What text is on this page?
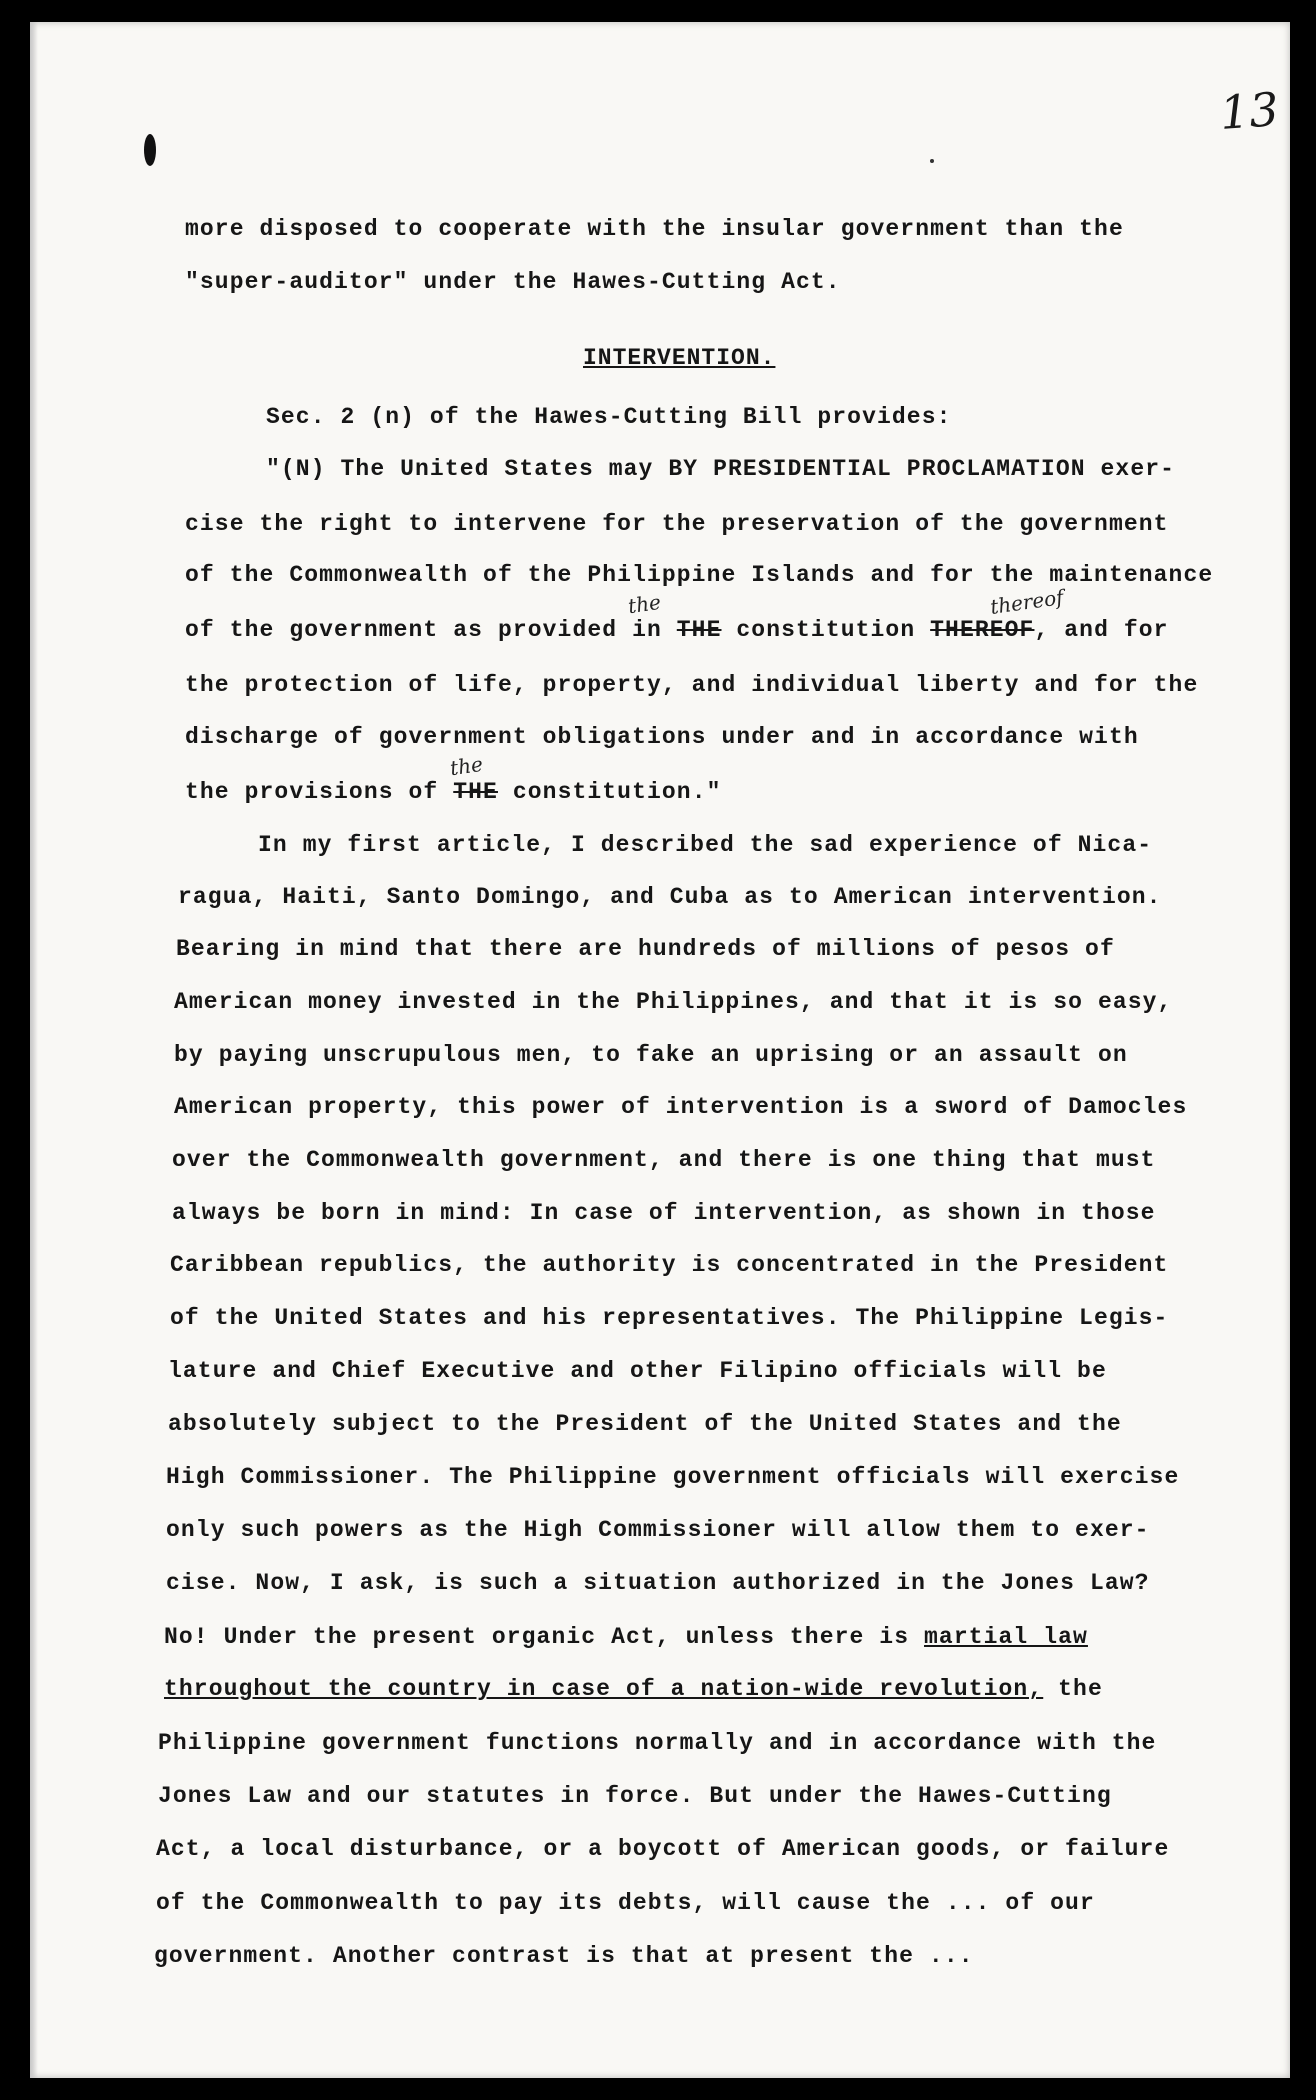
13
INTERVENTION.
more disposed to cooperate with the insular government than the
"super-auditor" under the Hawes-Cutting Act.
Sec. 2 (n) of the Hawes-Cutting Bill provides:
"(N) The United States may BY PRESIDENTIAL PROCLAMATION exer-
cise the right to intervene for the preservation of the government
of the Commonwealth of the Philippine Islands and for the maintenance
of the government as provided in THE constitution THEREOF, and for
the	thereof
the protection of life, property, and individual liberty and for the
discharge of government obligations under and in accordance with
the provisions of THE constitution."
the
In my first article, I described the sad experience of Nica-
ragua, Haiti, Santo Domingo, and Cuba as to American intervention.
Bearing in mind that there are hundreds of millions of pesos of
American money invested in the Philippines, and that it is so easy,
by paying unscrupulous men, to fake an uprising or an assault on
American property, this power of intervention is a sword of Damocles
over the Commonwealth government, and there is one thing that must
always be born in mind: In case of intervention, as shown in those
Caribbean republics, the authority is concentrated in the President
of the United States and his representatives. The Philippine Legis-
lature and Chief Executive and other Filipino officials will be
absolutely subject to the President of the United States and the
High Commissioner. The Philippine government officials will exercise
only such powers as the High Commissioner will allow them to exer-
cise. Now, I ask, is such a situation authorized in the Jones Law?
No! Under the present organic Act, unless there is martial law
throughout the country in case of a nation-wide revolution, the
Philippine government functions normally and in accordance with the
Jones Law and our statutes in force. But under the Hawes-Cutting
Act, a local disturbance, or a boycott of American goods, or failure
of the Commonwealth to pay its debts, will cause the ... of our
government. Another contrast is that at present the ...
